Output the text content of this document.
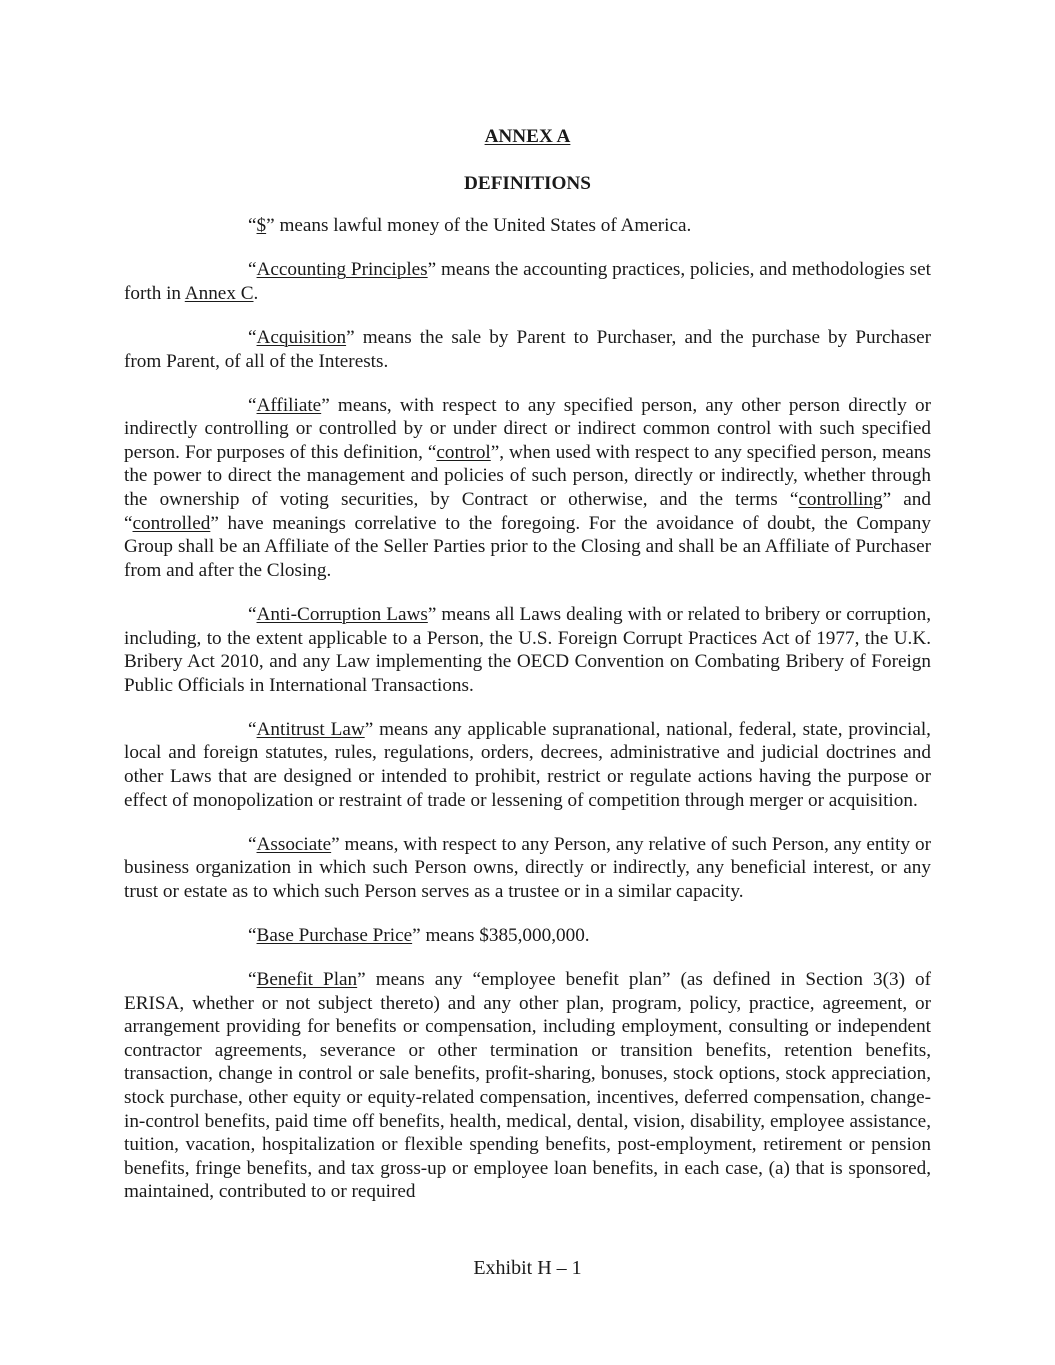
ANNEX A

DEFINITIONS

“$” means lawful money of the United States of America.

“Accounting Principles” means the accounting practices, policies, and methodologies set forth in Annex C.

“Acquisition” means the sale by Parent to Purchaser, and the purchase by Purchaser from Parent, of all of the Interests.

“Affiliate” means, with respect to any specified person, any other person directly or indirectly controlling or controlled by or under direct or indirect common control with such specified person. For purposes of this definition, “control”, when used with respect to any specified person, means the power to direct the management and policies of such person, directly or indirectly, whether through the ownership of voting securities, by Contract or otherwise, and the terms “controlling” and “controlled” have meanings correlative to the foregoing. For the avoidance of doubt, the Company Group shall be an Affiliate of the Seller Parties prior to the Closing and shall be an Affiliate of Purchaser from and after the Closing.

“Anti-Corruption Laws” means all Laws dealing with or related to bribery or corruption, including, to the extent applicable to a Person, the U.S. Foreign Corrupt Practices Act of 1977, the U.K. Bribery Act 2010, and any Law implementing the OECD Convention on Combating Bribery of Foreign Public Officials in International Transactions.

“Antitrust Law” means any applicable supranational, national, federal, state, provincial, local and foreign statutes, rules, regulations, orders, decrees, administrative and judicial doctrines and other Laws that are designed or intended to prohibit, restrict or regulate actions having the purpose or effect of monopolization or restraint of trade or lessening of competition through merger or acquisition.

“Associate” means, with respect to any Person, any relative of such Person, any entity or business organization in which such Person owns, directly or indirectly, any beneficial interest, or any trust or estate as to which such Person serves as a trustee or in a similar capacity.

“Base Purchase Price” means $385,000,000.

“Benefit Plan” means any “employee benefit plan” (as defined in Section 3(3) of ERISA, whether or not subject thereto) and any other plan, program, policy, practice, agreement, or arrangement providing for benefits or compensation, including employment, consulting or independent contractor agreements, severance or other termination or transition benefits, retention benefits, transaction, change in control or sale benefits, profit-sharing, bonuses, stock options, stock appreciation, stock purchase, other equity or equity-related compensation, incentives, deferred compensation, change-in-control benefits, paid time off benefits, health, medical, dental, vision, disability, employee assistance, tuition, vacation, hospitalization or flexible spending benefits, post-employment, retirement or pension benefits, fringe benefits, and tax gross-up or employee loan benefits, in each case, (a) that is sponsored, maintained, contributed to or required

Exhibit H – 1
